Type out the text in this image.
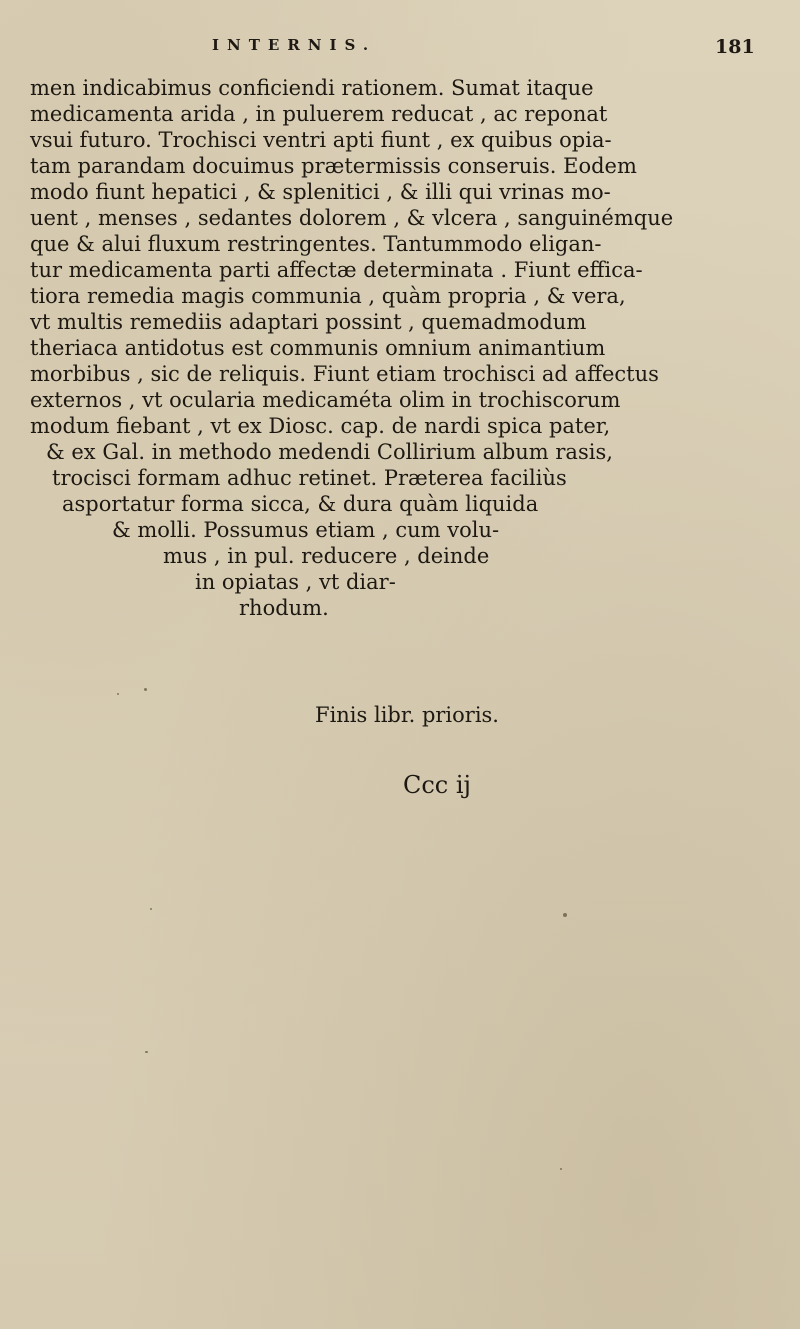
INTERNIS.	181
men indicabimus conficiendi rationem. Sumat itaque
medicamenta arida , in puluerem reducat , ac reponat
vsui futuro. Trochisci ventri apti fiunt , ex quibus opia-
tam parandam docuimus prætermissis conseruis. Eodem
modo fiunt hepatici , & splenitici , & illi qui vrinas mo-
uent , menses , sedantes dolorem , & vlcera , sanguinémque
que & alui fluxum restringentes. Tantummodo eligan-
tur medicamenta parti affectæ determinata . Fiunt effica-
tiora remedia magis communia , quàm propria , & vera,
vt multis remediis adaptari possint , quemadmodum
theriaca antidotus est communis omnium animantium
morbibus , sic de reliquis. Fiunt etiam trochisci ad affectus
externos , vt ocularia medicaméta olim in trochiscorum
modum fiebant , vt ex Diosc. cap. de nardi spica pater,
& ex Gal. in methodo medendi Collirium album rasis,
trocisci formam adhuc retinet. Præterea faciliùs
asportatur forma sicca, & dura quàm liquida
& molli. Possumus etiam , cum volu-
mus , in pul. reducere , deinde
in opiatas , vt diar-
rhodum.
Finis libr. prioris.
Ccc ij
